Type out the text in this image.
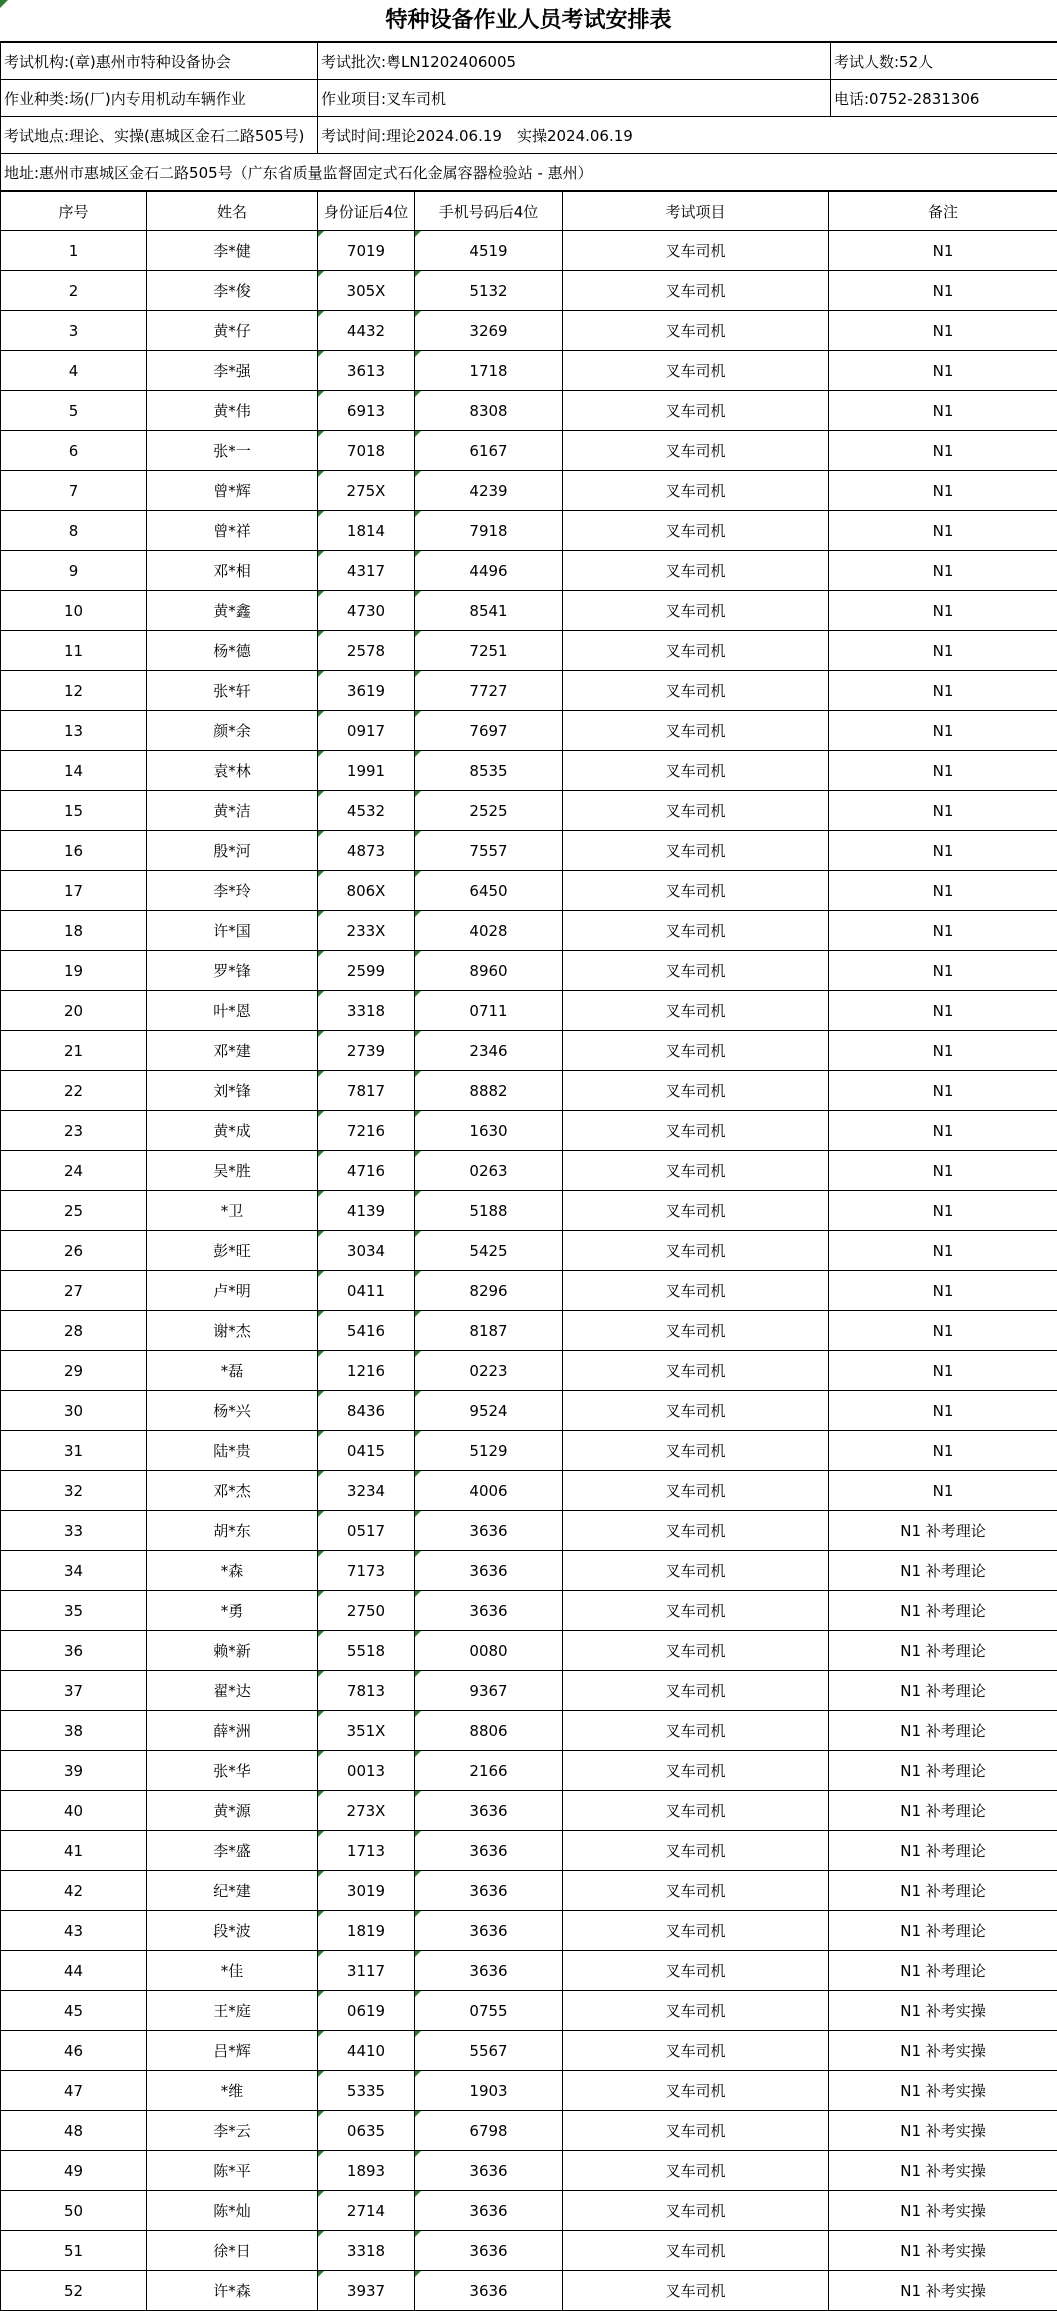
特种设备作业人员考试安排表
考试机构:(章)惠州市特种设备协会	考试批次:粤LN1202406005	考试人数:52人
作业种类:场(厂)内专用机动车辆作业	作业项目:叉车司机	电话:0752-2831306
考试地点:理论、实操(惠城区金石二路505号)	考试时间:理论2024.06.19　实操2024.06.19	
地址:惠州市惠城区金石二路505号（广东省质量监督固定式石化金属容器检验站 - 惠州）		
序号	姓名	身份证后4位	手机号码后4位	考试项目	备注
1	李*健	7019	4519	叉车司机	N1
2	李*俊	305X	5132	叉车司机	N1
3	黄*仔	4432	3269	叉车司机	N1
4	李*强	3613	1718	叉车司机	N1
5	黄*伟	6913	8308	叉车司机	N1
6	张*一	7018	6167	叉车司机	N1
7	曾*辉	275X	4239	叉车司机	N1
8	曾*祥	1814	7918	叉车司机	N1
9	邓*相	4317	4496	叉车司机	N1
10	黄*鑫	4730	8541	叉车司机	N1
11	杨*德	2578	7251	叉车司机	N1
12	张*轩	3619	7727	叉车司机	N1
13	颜*余	0917	7697	叉车司机	N1
14	袁*林	1991	8535	叉车司机	N1
15	黄*洁	4532	2525	叉车司机	N1
16	殷*河	4873	7557	叉车司机	N1
17	李*玲	806X	6450	叉车司机	N1
18	许*国	233X	4028	叉车司机	N1
19	罗*锋	2599	8960	叉车司机	N1
20	叶*恩	3318	0711	叉车司机	N1
21	邓*建	2739	2346	叉车司机	N1
22	刘*锋	7817	8882	叉车司机	N1
23	黄*成	7216	1630	叉车司机	N1
24	吴*胜	4716	0263	叉车司机	N1
25	*卫	4139	5188	叉车司机	N1
26	彭*旺	3034	5425	叉车司机	N1
27	卢*明	0411	8296	叉车司机	N1
28	谢*杰	5416	8187	叉车司机	N1
29	*磊	1216	0223	叉车司机	N1
30	杨*兴	8436	9524	叉车司机	N1
31	陆*贵	0415	5129	叉车司机	N1
32	邓*杰	3234	4006	叉车司机	N1
33	胡*东	0517	3636	叉车司机	N1 补考理论
34	*森	7173	3636	叉车司机	N1 补考理论
35	*勇	2750	3636	叉车司机	N1 补考理论
36	赖*新	5518	0080	叉车司机	N1 补考理论
37	翟*达	7813	9367	叉车司机	N1 补考理论
38	薛*洲	351X	8806	叉车司机	N1 补考理论
39	张*华	0013	2166	叉车司机	N1 补考理论
40	黄*源	273X	3636	叉车司机	N1 补考理论
41	李*盛	1713	3636	叉车司机	N1 补考理论
42	纪*建	3019	3636	叉车司机	N1 补考理论
43	段*波	1819	3636	叉车司机	N1 补考理论
44	*佳	3117	3636	叉车司机	N1 补考理论
45	王*庭	0619	0755	叉车司机	N1 补考实操
46	吕*辉	4410	5567	叉车司机	N1 补考实操
47	*维	5335	1903	叉车司机	N1 补考实操
48	李*云	0635	6798	叉车司机	N1 补考实操
49	陈*平	1893	3636	叉车司机	N1 补考实操
50	陈*灿	2714	3636	叉车司机	N1 补考实操
51	徐*日	3318	3636	叉车司机	N1 补考实操
52	许*森	3937	3636	叉车司机	N1 补考实操
